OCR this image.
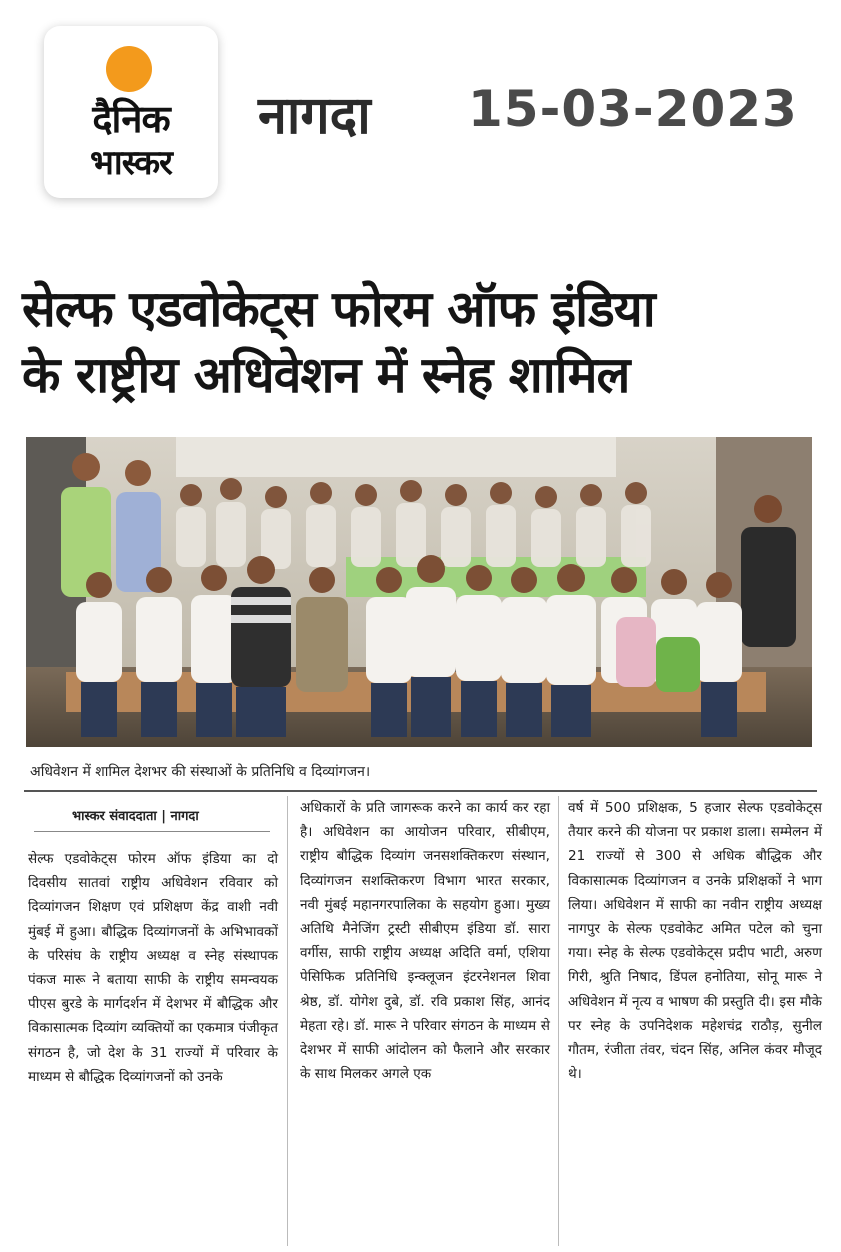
दैनिक
भास्कर
नागदा 15-03-2023
सेल्फ एडवोकेट्स फोरम ऑफ इंडिया
के राष्ट्रीय अधिवेशन में स्नेह शामिल
अधिवेशन में शामिल देशभर की संस्थाओं के प्रतिनिधि व दिव्यांगजन।
भास्कर संवाददाता | नागदा
सेल्फ एडवोकेट्स फोरम ऑफ इंडिया का दो दिवसीय सातवां राष्ट्रीय अधिवेशन रविवार को दिव्यांगजन शिक्षण एवं प्रशिक्षण केंद्र वाशी नवी मुंबई में हुआ। बौद्धिक दिव्यांगजनों के अभिभावकों के परिसंघ के राष्ट्रीय अध्यक्ष व स्नेह संस्थापक पंकज मारू ने बताया साफी के राष्ट्रीय समन्वयक पीएस बुरडे के मार्गदर्शन में देशभर में बौद्धिक और विकासात्मक दिव्यांग व्यक्तियों का एकमात्र पंजीकृत संगठन है, जो देश के 31 राज्यों में परिवार के माध्यम से बौद्धिक दिव्यांगजनों को उनके
अधिकारों के प्रति जागरूक करने का कार्य कर रहा है। अधिवेशन का आयोजन परिवार, सीबीएम, राष्ट्रीय बौद्धिक दिव्यांग जनसशक्तिकरण संस्थान, दिव्यांगजन सशक्तिकरण विभाग भारत सरकार, नवी मुंबई महानगरपालिका के सहयोग हुआ। मुख्य अतिथि मैनेजिंग ट्रस्टी सीबीएम इंडिया डॉ. सारा वर्गीस, साफी राष्ट्रीय अध्यक्ष अदिति वर्मा, एशिया पेसिफिक प्रतिनिधि इन्क्लूजन इंटरनेशनल शिवा श्रेष्ठ, डॉ. योगेश दुबे, डॉ. रवि प्रकाश सिंह, आनंद मेहता रहे। डॉ. मारू ने परिवार संगठन के माध्यम से देशभर में साफी आंदोलन को फैलाने और सरकार के साथ मिलकर अगले एक
वर्ष में 500 प्रशिक्षक, 5 हजार सेल्फ एडवोकेट्स तैयार करने की योजना पर प्रकाश डाला। सम्मेलन में 21 राज्यों से 300 से अधिक बौद्धिक और विकासात्मक दिव्यांगजन व उनके प्रशिक्षकों ने भाग लिया। अधिवेशन में साफी का नवीन राष्ट्रीय अध्यक्ष नागपुर के सेल्फ एडवोकेट अमित पटेल को चुना गया। स्नेह के सेल्फ एडवोकेट्स प्रदीप भाटी, अरुण गिरी, श्रुति निषाद, डिंपल हनोतिया, सोनू मारू ने अधिवेशन में नृत्य व भाषण की प्रस्तुति दी। इस मौके पर स्नेह के उपनिदेशक महेशचंद्र राठौड़, सुनील गौतम, रंजीता तंवर, चंदन सिंह, अनिल कंवर मौजूद थे।
